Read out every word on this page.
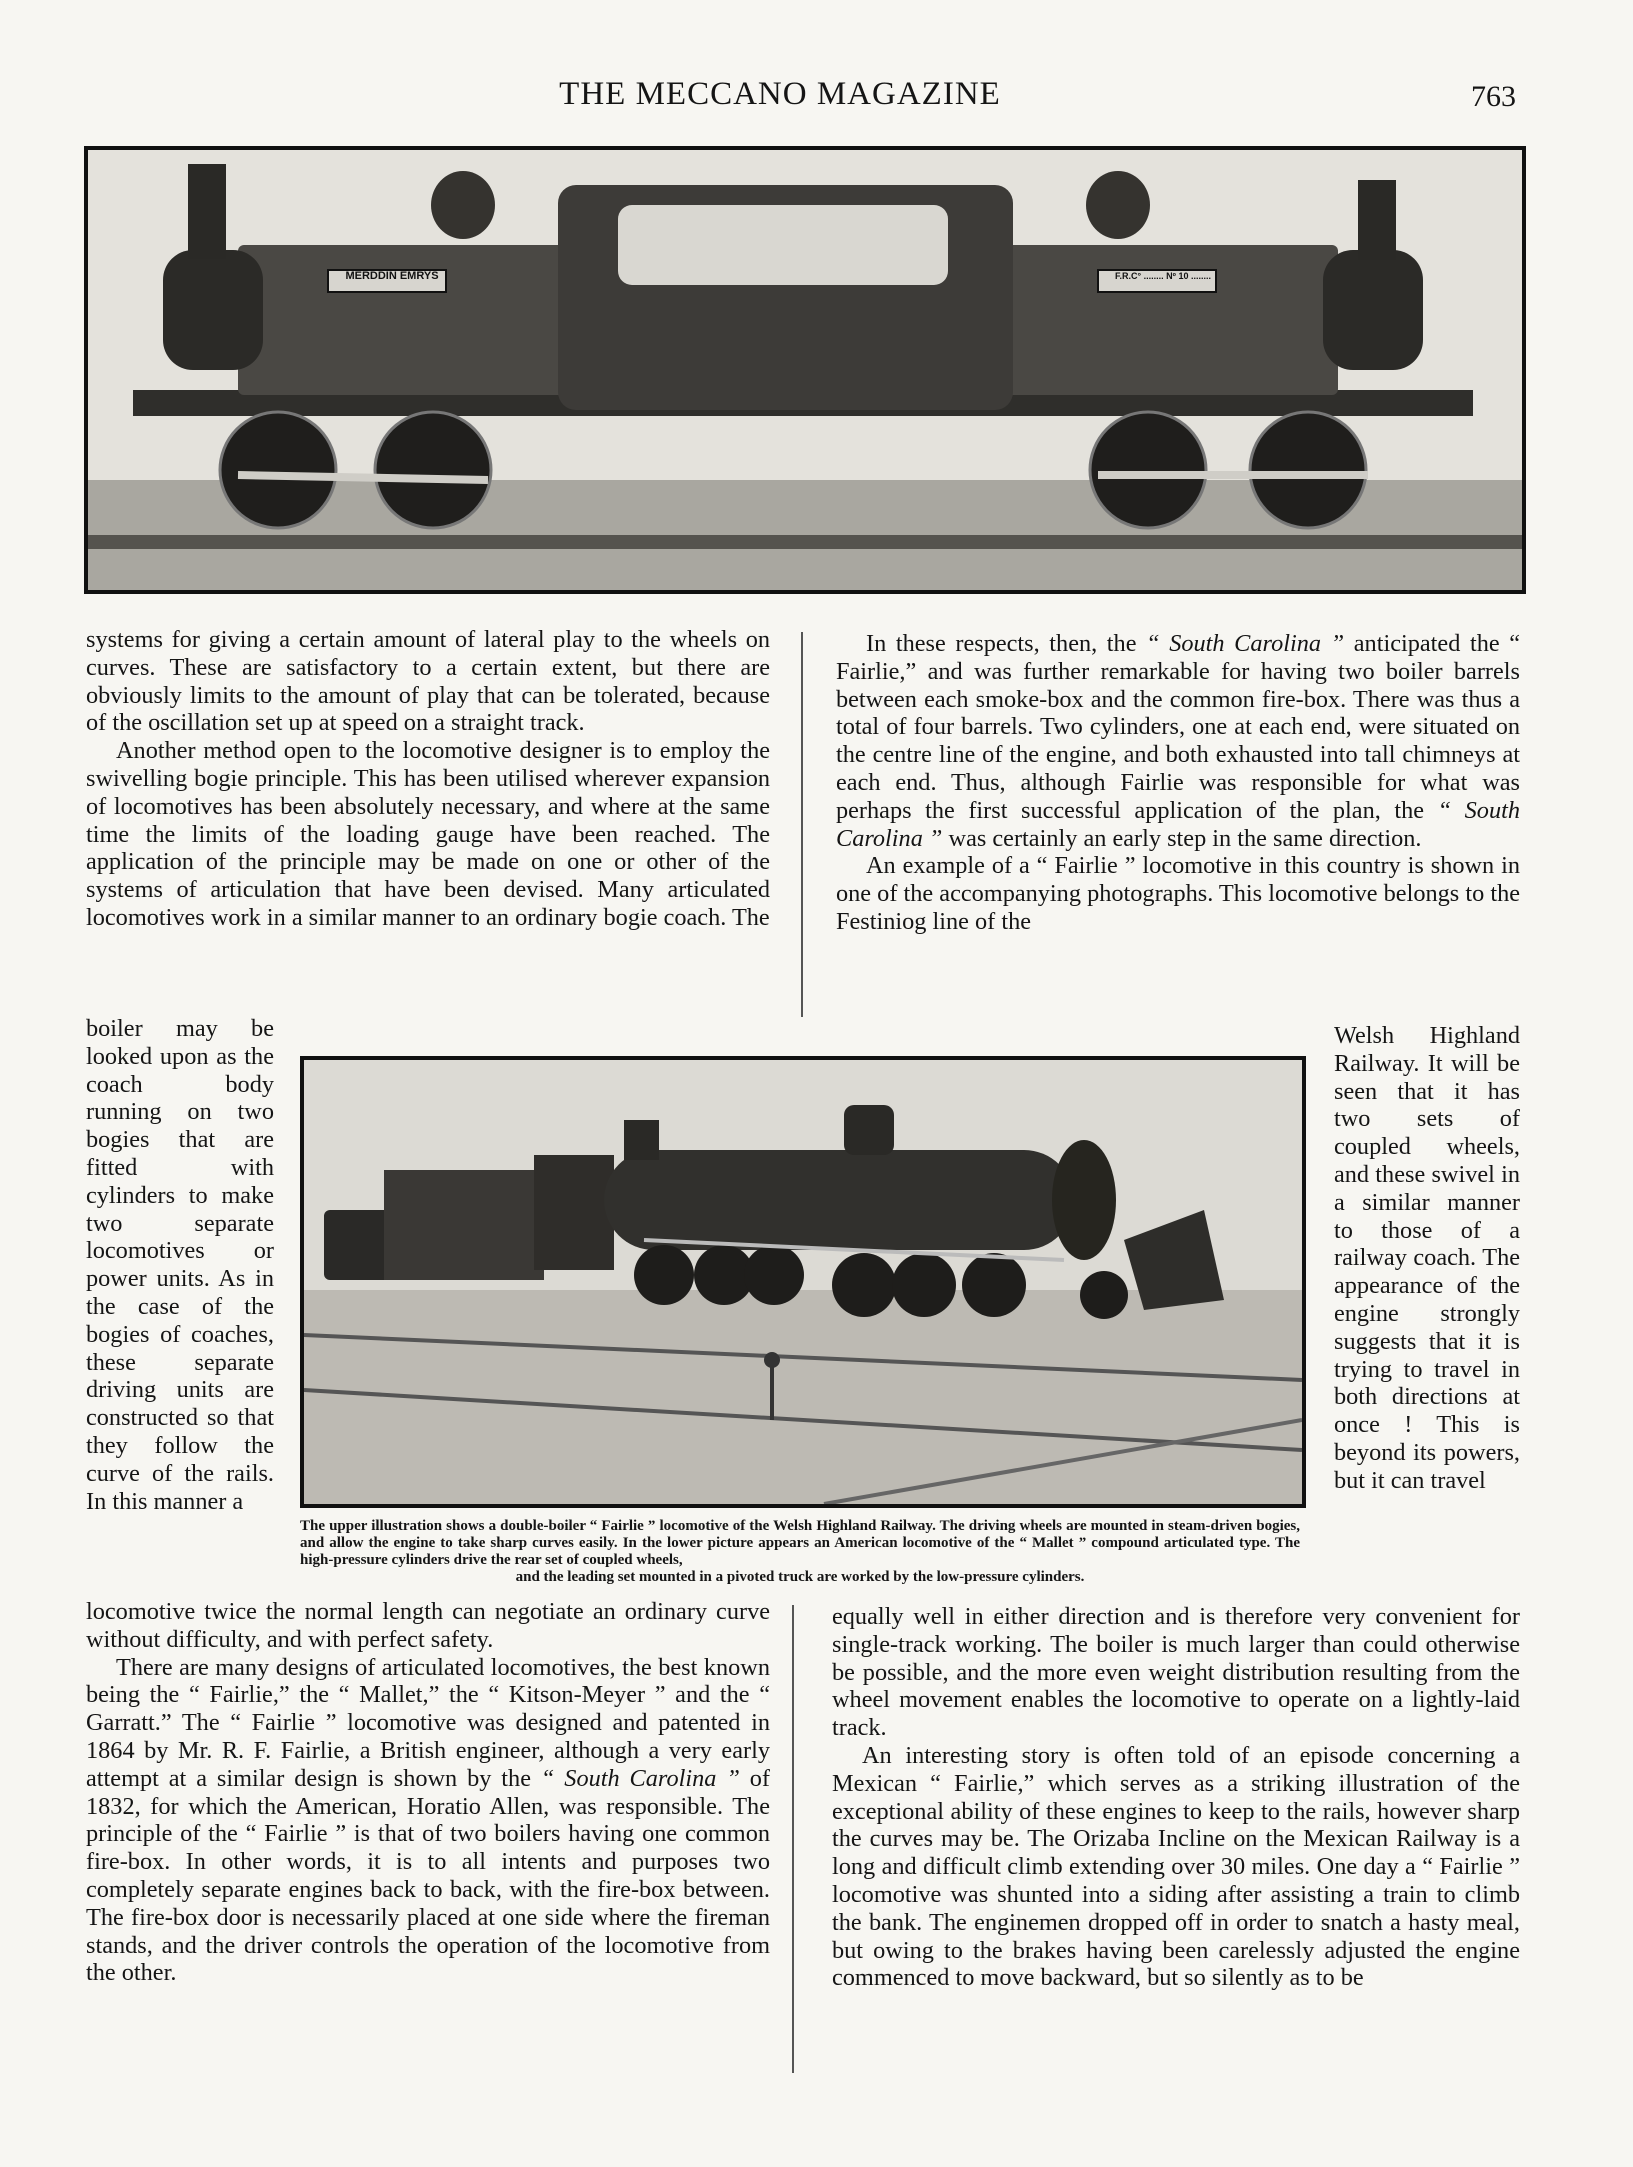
THE MECCANO MAGAZINE	763
MERDDIN EMRYS	F.R.C° ........ Nº 10 ........

systems for giving a certain amount of lateral play to the wheels on curves. These are satisfactory to a certain extent, but there are obviously limits to the amount of play that can be tolerated, because of the oscillation set up at speed on a straight track.

Another method open to the locomotive designer is to employ the swivelling bogie principle. This has been utilised wherever expansion of locomotives has been absolutely necessary, and where at the same time the limits of the loading gauge have been reached. The application of the principle may be made on one or other of the systems of articulation that have been devised. Many articulated locomotives work in a similar manner to an ordinary bogie coach. The

boiler may be looked upon as the coach body running on two bogies that are fitted with cylinders to make two separate locomotives or power units. As in the case of the bogies of coaches, these separate driving units are constructed so that they follow the curve of the rails. In this manner a

locomotive twice the normal length can negotiate an ordinary curve without difficulty, and with perfect safety.

There are many designs of articulated locomotives, the best known being the “ Fairlie,” the “ Mallet,” the “ Kitson-Meyer ” and the “ Garratt.” The “ Fairlie ” locomotive was designed and patented in 1864 by Mr. R. F. Fairlie, a British engineer, although a very early attempt at a similar design is shown by the “ South Carolina ” of 1832, for which the American, Horatio Allen, was responsible. The principle of the “ Fairlie ” is that of two boilers having one common fire-box. In other words, it is to all intents and purposes two completely separate engines back to back, with the fire-box between. The fire-box door is necessarily placed at one side where the fireman stands, and the driver controls the operation of the locomotive from the other.

In these respects, then, the “ South Carolina ” anticipated the “ Fairlie,” and was further remarkable for having two boiler barrels between each smoke-box and the common fire-box. There was thus a total of four barrels. Two cylinders, one at each end, were situated on the centre line of the engine, and both exhausted into tall chimneys at each end. Thus, although Fairlie was responsible for what was perhaps the first successful application of the plan, the “ South Carolina ” was certainly an early step in the same direction.

An example of a “ Fairlie ” locomotive in this country is shown in one of the accompanying photographs. This locomotive belongs to the Festiniog line of the

Welsh Highland Railway. It will be seen that it has two sets of coupled wheels, and these swivel in a similar manner to those of a railway coach. The appearance of the engine strongly suggests that it is trying to travel in both directions at once ! This is beyond its powers, but it can travel

equally well in either direction and is therefore very convenient for single-track working. The boiler is much larger than could otherwise be possible, and the more even weight distribution resulting from the wheel movement enables the locomotive to operate on a lightly-laid track.

An interesting story is often told of an episode concerning a Mexican “ Fairlie,” which serves as a striking illustration of the exceptional ability of these engines to keep to the rails, however sharp the curves may be. The Orizaba Incline on the Mexican Railway is a long and difficult climb extending over 30 miles. One day a “ Fairlie ” locomotive was shunted into a siding after assisting a train to climb the bank. The enginemen dropped off in order to snatch a hasty meal, but owing to the brakes having been carelessly adjusted the engine commenced to move backward, but so silently as to be

The upper illustration shows a double-boiler “ Fairlie ” locomotive of the Welsh Highland Railway. The driving wheels are mounted in steam-driven bogies, and allow the engine to take sharp curves easily. In the lower picture appears an American locomotive of the “ Mallet ” compound articulated type. The high-pressure cylinders drive the rear set of coupled wheels,
and the leading set mounted in a pivoted truck are worked by the low-pressure cylinders.
